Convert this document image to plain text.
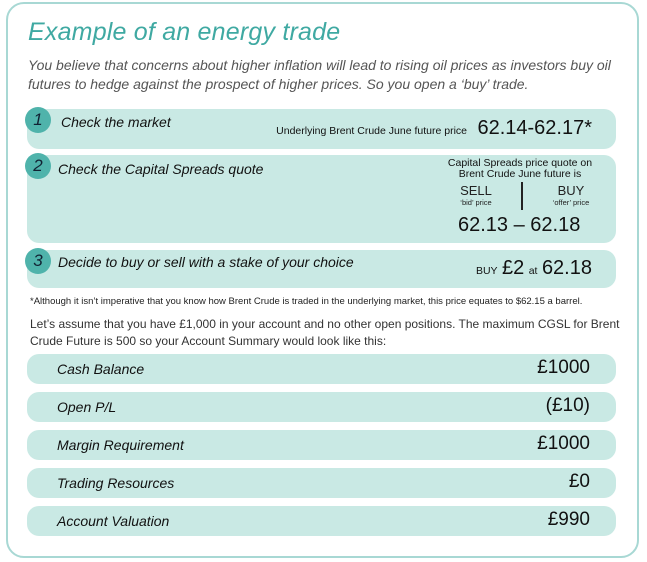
Example of an energy trade
You believe that concerns about higher inflation will lead to rising oil prices as investors buy oil futures to hedge against the prospect of higher prices. So you open a ‘buy’ trade.
1	Check the market
Underlying Brent Crude June future price 62.14-62.17*
2	Check the Capital Spreads quote	Capital Spreads price quote on
Brent Crude June future is
SELL
‘bid’ price
BUY
‘offer’ price
62.13 – 62.18
3	Decide to buy or sell with a stake of your choice
BUY £2 at 62.18
*Although it isn’t imperative that you know how Brent Crude is traded in the underlying market, this price equates to $62.15 a barrel.
Let’s assume that you have £1,000 in your account and no other open positions. The maximum CGSL for Brent Crude Future is 500 so your Account Summary would look like this:
Cash Balance	£1000
Open P/L	(£10)
Margin Requirement	£1000
Trading Resources	£0
Account Valuation	£990
